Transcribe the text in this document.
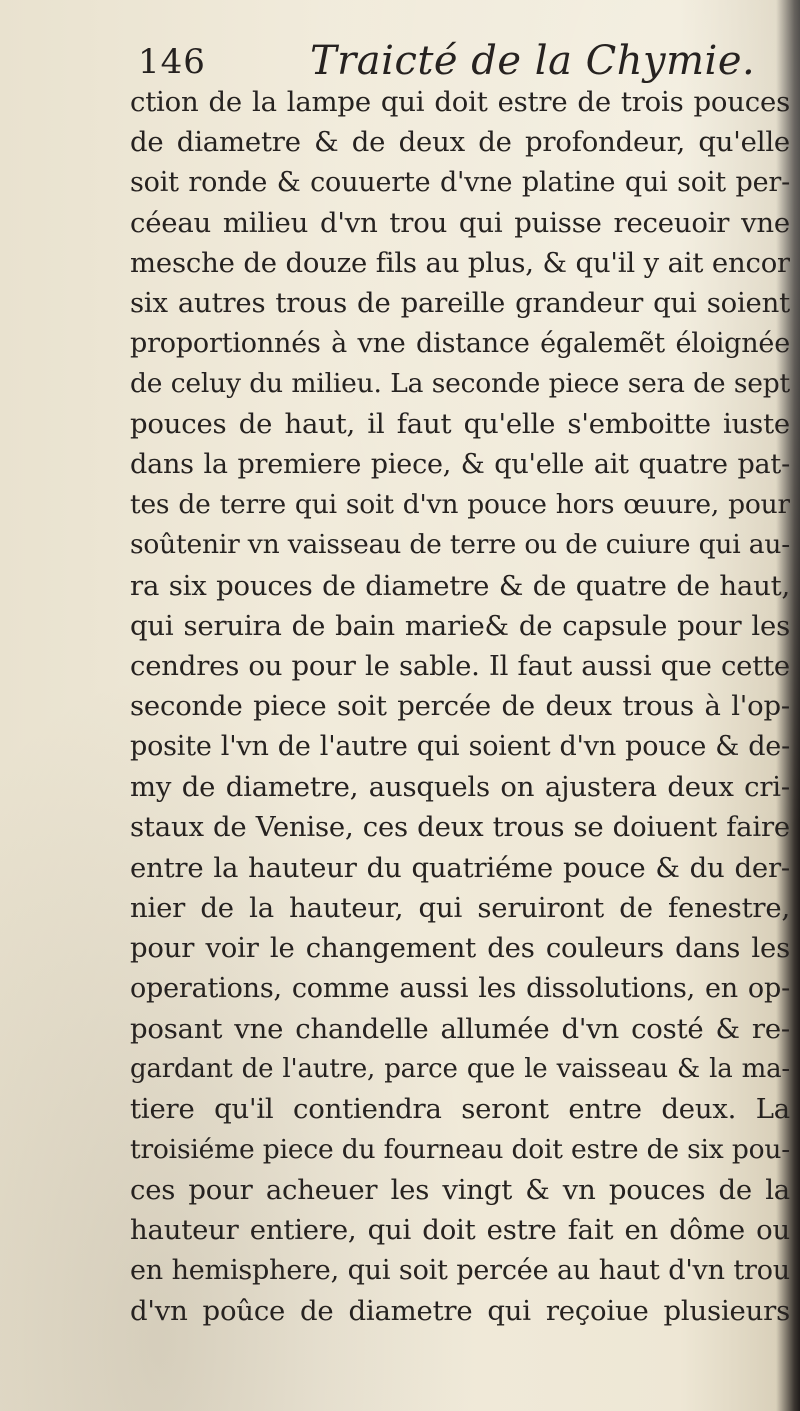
146	Traicté de la Chymie.
ction de la lampe qui doit estre de trois pouces
de diametre & de deux de profondeur, qu'elle
soit ronde & couuerte d'vne platine qui soit per-
céeau milieu d'vn trou qui puisse receuoir vne
mesche de douze fils au plus, & qu'il y ait encor
six autres trous de pareille grandeur qui soient
proportionnés à vne distance égalemẽt éloignée
de celuy du milieu. La seconde piece sera de sept
pouces de haut, il faut qu'elle s'emboitte iuste
dans la premiere piece, & qu'elle ait quatre pat-
tes de terre qui soit d'vn pouce hors œuure, pour
soûtenir vn vaisseau de terre ou de cuiure qui au-
ra six pouces de diametre & de quatre de haut,
qui seruira de bain marie& de capsule pour les
cendres ou pour le sable. Il faut aussi que cette
seconde piece soit percée de deux trous à l'op-
posite l'vn de l'autre qui soient d'vn pouce & de-
my de diametre, ausquels on ajustera deux cri-
staux de Venise, ces deux trous se doiuent faire
entre la hauteur du quatriéme pouce & du der-
nier de la hauteur, qui seruiront de fenestre,
pour voir le changement des couleurs dans les
operations, comme aussi les dissolutions, en op-
posant vne chandelle allumée d'vn costé & re-
gardant de l'autre, parce que le vaisseau & la ma-
tiere qu'il contiendra seront entre deux. La
troisiéme piece du fourneau doit estre de six pou-
ces pour acheuer les vingt & vn pouces de la
hauteur entiere, qui doit estre fait en dôme ou
en hemisphere, qui soit percée au haut d'vn trou
d'vn poûce de diametre qui reçoiue plusieurs
